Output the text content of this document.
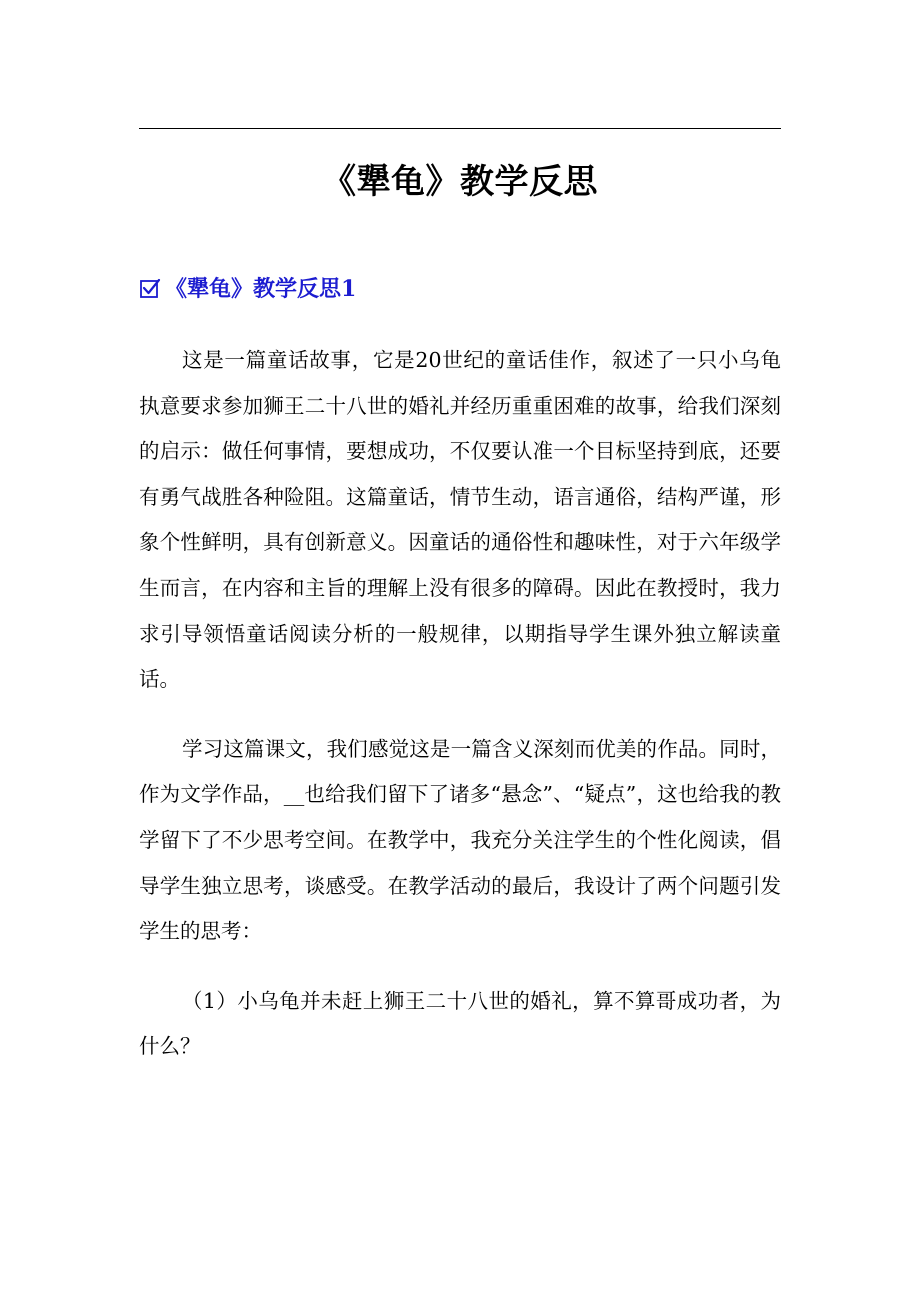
《犟龟》教学反思
《犟龟》教学反思1

这是一篇童话故事，它是20世纪的童话佳作，叙述了一只小乌龟执意要求参加狮王二十八世的婚礼并经历重重困难的故事，给我们深刻的启示：做任何事情，要想成功，不仅要认准一个目标坚持到底，还要有勇气战胜各种险阻。这篇童话，情节生动，语言通俗，结构严谨，形象个性鲜明，具有创新意义。因童话的通俗性和趣味性，对于六年级学生而言，在内容和主旨的理解上没有很多的障碍。因此在教授时，我力求引导领悟童话阅读分析的一般规律，以期指导学生课外独立解读童话。

学习这篇课文，我们感觉这是一篇含义深刻而优美的作品。同时，作为文学作品，__也给我们留下了诸多“悬念”、“疑点”，这也给我的教学留下了不少思考空间。在教学中，我充分关注学生的个性化阅读，倡导学生独立思考，谈感受。在教学活动的最后，我设计了两个问题引发学生的思考：

（1）小乌龟并未赶上狮王二十八世的婚礼，算不算哥成功者，为什么？
